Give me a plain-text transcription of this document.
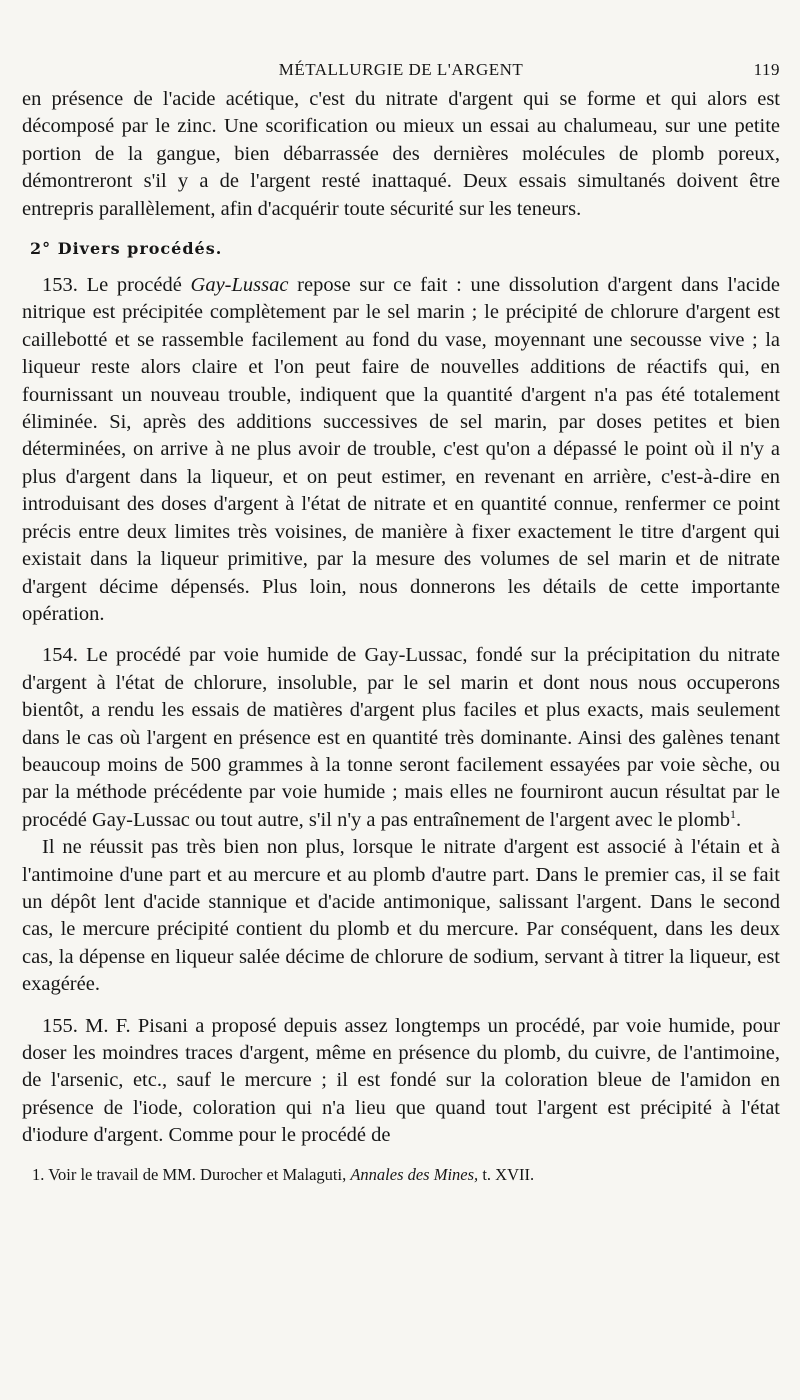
MÉTALLURGIE DE L'ARGENT	119

en présence de l'acide acétique, c'est du nitrate d'argent qui se forme et qui alors est décomposé par le zinc. Une scorification ou mieux un essai au chalumeau, sur une petite portion de la gangue, bien débarrassée des dernières molécules de plomb poreux, démontreront s'il y a de l'argent resté inattaqué. Deux essais simultanés doivent être entrepris parallèlement, afin d'acquérir toute sécurité sur les teneurs.

2° Divers procédés.

153. Le procédé Gay-Lussac repose sur ce fait : une dissolution d'argent dans l'acide nitrique est précipitée complètement par le sel marin ; le précipité de chlorure d'argent est caillebotté et se rassemble facilement au fond du vase, moyennant une secousse vive ; la liqueur reste alors claire et l'on peut faire de nouvelles additions de réactifs qui, en fournissant un nouveau trouble, indiquent que la quantité d'argent n'a pas été totalement éliminée. Si, après des additions successives de sel marin, par doses petites et bien déterminées, on arrive à ne plus avoir de trouble, c'est qu'on a dépassé le point où il n'y a plus d'argent dans la liqueur, et on peut estimer, en revenant en arrière, c'est-à-dire en introduisant des doses d'argent à l'état de nitrate et en quantité connue, renfermer ce point précis entre deux limites très voisines, de manière à fixer exactement le titre d'argent qui existait dans la liqueur primitive, par la mesure des volumes de sel marin et de nitrate d'argent décime dépensés. Plus loin, nous donnerons les détails de cette importante opération.

154. Le procédé par voie humide de Gay-Lussac, fondé sur la précipitation du nitrate d'argent à l'état de chlorure, insoluble, par le sel marin et dont nous nous occuperons bientôt, a rendu les essais de matières d'argent plus faciles et plus exacts, mais seulement dans le cas où l'argent en présence est en quantité très dominante. Ainsi des galènes tenant beaucoup moins de 500 grammes à la tonne seront facilement essayées par voie sèche, ou par la méthode précédente par voie humide ; mais elles ne fourniront aucun résultat par le procédé Gay-Lussac ou tout autre, s'il n'y a pas entraînement de l'argent avec le plomb$^1$.

Il ne réussit pas très bien non plus, lorsque le nitrate d'argent est associé à l'étain et à l'antimoine d'une part et au mercure et au plomb d'autre part. Dans le premier cas, il se fait un dépôt lent d'acide stannique et d'acide antimonique, salissant l'argent. Dans le second cas, le mercure précipité contient du plomb et du mercure. Par conséquent, dans les deux cas, la dépense en liqueur salée décime de chlorure de sodium, servant à titrer la liqueur, est exagérée.

155. M. F. Pisani a proposé depuis assez longtemps un procédé, par voie humide, pour doser les moindres traces d'argent, même en présence du plomb, du cuivre, de l'antimoine, de l'arsenic, etc., sauf le mercure ; il est fondé sur la coloration bleue de l'amidon en présence de l'iode, coloration qui n'a lieu que quand tout l'argent est précipité à l'état d'iodure d'argent. Comme pour le procédé de

1. Voir le travail de MM. Durocher et Malaguti, Annales des Mines, t. XVII.
